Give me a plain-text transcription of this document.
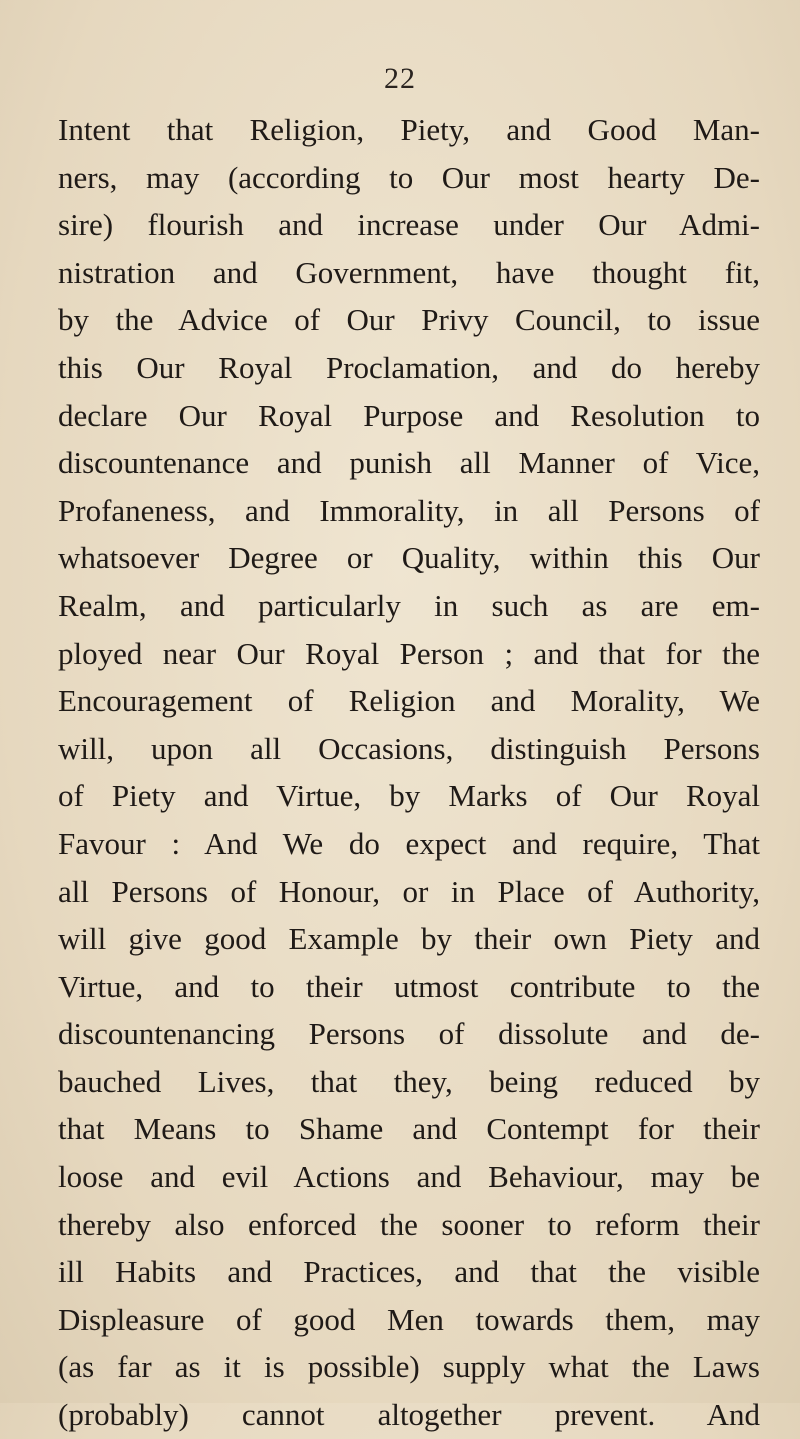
22
Intent that Religion, Piety, and Good Man-
ners, may (according to Our most hearty De-
sire) flourish and increase under Our Admi-
nistration and Government, have thought fit,
by the Advice of Our Privy Council, to issue
this Our Royal Proclamation, and do hereby
declare Our Royal Purpose and Resolution to
discountenance and punish all Manner of Vice,
Profaneness, and Immorality, in all Persons of
whatsoever Degree or Quality, within this Our
Realm, and particularly in such as are em-
ployed near Our Royal Person ; and that for the
Encouragement of Religion and Morality, We
will, upon all Occasions, distinguish Persons
of Piety and Virtue, by Marks of Our Royal
Favour : And We do expect and require, That
all Persons of Honour, or in Place of Authority,
will give good Example by their own Piety and
Virtue, and to their utmost contribute to the
discountenancing Persons of dissolute and de-
bauched Lives, that they, being reduced by
that Means to Shame and Contempt for their
loose and evil Actions and Behaviour, may be
thereby also enforced the sooner to reform their
ill Habits and Practices, and that the visible
Displeasure of good Men towards them, may
(as far as it is possible) supply what the Laws
(probably) cannot altogether prevent. And
